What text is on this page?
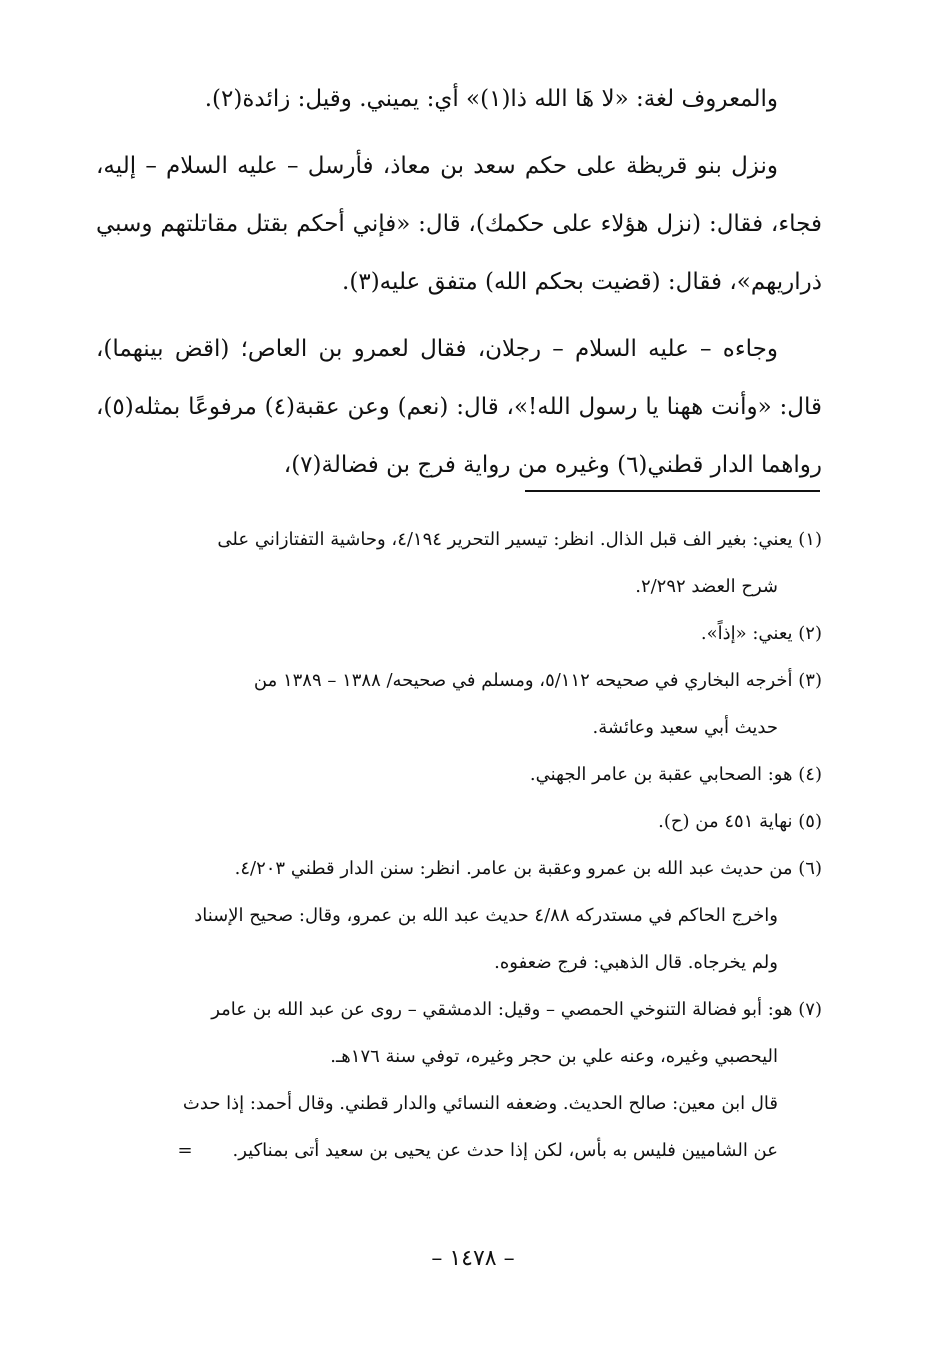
والمعروف لغة: «لا هَا الله ذا(١)» أي: يميني. وقيل: زائدة(٢).

ونزل بنو قريظة على حكم سعد بن معاذ، فأرسل – عليه السلام – إليه، فجاء، فقال: (نزل هؤلاء على حكمك)، قال: «فإني أحكم بقتل مقاتلتهم وسبي ذراريهم»، فقال: (قضيت بحكم الله) متفق عليه(٣).

وجاءه – عليه السلام – رجلان، فقال لعمرو بن العاص؛ (اقض بينهما)، قال: «وأنت ههنا يا رسول الله!»، قال: (نعم) وعن عقبة(٤) مرفوعًا بمثله(٥)، رواهما الدار قطني(٦) وغيره من رواية فرج بن فضالة(٧)،

(١) يعني: بغير الف قبل الذال. انظر: تيسير التحرير ٤/١٩٤، وحاشية التفتازاني على
شرح العضد ٢/٢٩٢.
(٢) يعني: «إذاً».
(٣) أخرجه البخاري في صحيحه ٥/١١٢، ومسلم في صحيحه/ ١٣٨٨ – ١٣٨٩ من
حديث أبي سعيد وعائشة.
(٤) هو: الصحابي عقبة بن عامر الجهني.
(٥) نهاية ٤٥١ من (ح).
(٦) من حديث عبد الله بن عمرو وعقبة بن عامر. انظر: سنن الدار قطني ٤/٢٠٣.
واخرج الحاكم في مستدركه ٤/٨٨ حديث عبد الله بن عمرو، وقال: صحيح الإسناد
ولم يخرجاه. قال الذهبي: فرج ضعفوه.
(٧) هو: أبو فضالة التنوخي الحمصي – وقيل: الدمشقي – روى عن عبد الله بن عامر
اليحصبي وغيره، وعنه علي بن حجر وغيره، توفي سنة ١٧٦هـ.
قال ابن معين: صالح الحديث. وضعفه النسائي والدار قطني. وقال أحمد: إذا حدث
عن الشاميين فليس به بأس، لكن إذا حدث عن يحيى بن سعيد أتى بمناكير.=
– ١٤٧٨ –
